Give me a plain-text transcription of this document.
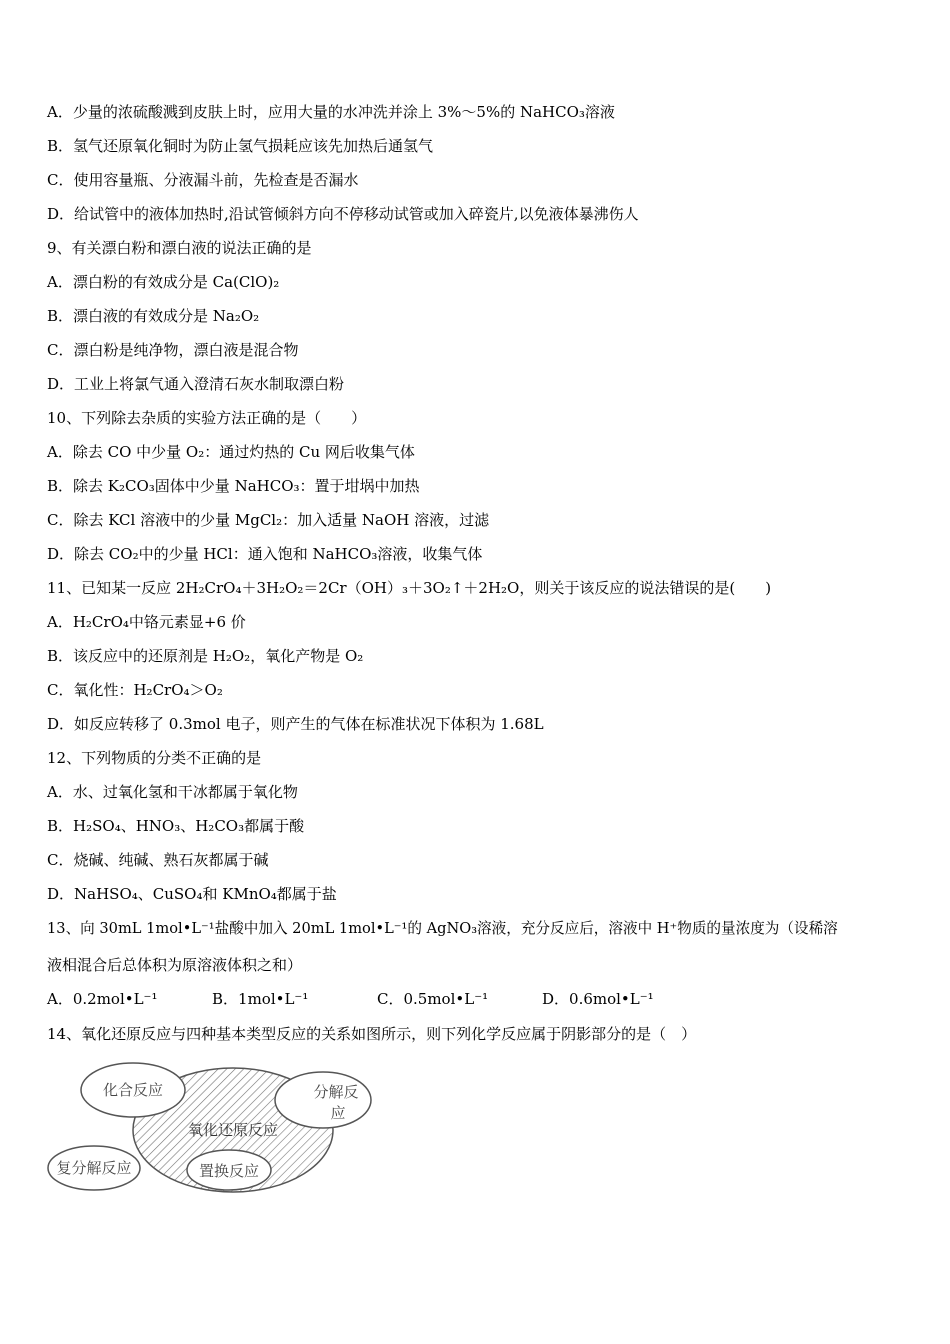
A．少量的浓硫酸溅到皮肤上时，应用大量的水冲洗并涂上 3%～5%的 NaHCO₃溶液
B．氢气还原氧化铜时为防止氢气损耗应该先加热后通氢气
C．使用容量瓶、分液漏斗前，先检查是否漏水
D．给试管中的液体加热时,沿试管倾斜方向不停移动试管或加入碎瓷片,以免液体暴沸伤人
9、有关漂白粉和漂白液的说法正确的是
A．漂白粉的有效成分是 Ca(ClO)₂
B．漂白液的有效成分是 Na₂O₂
C．漂白粉是纯净物，漂白液是混合物
D．工业上将氯气通入澄清石灰水制取漂白粉
10、下列除去杂质的实验方法正确的是（　　）
A．除去 CO 中少量 O₂：通过灼热的 Cu 网后收集气体
B．除去 K₂CO₃固体中少量 NaHCO₃：置于坩埚中加热
C．除去 KCl 溶液中的少量 MgCl₂：加入适量 NaOH 溶液，过滤
D．除去 CO₂中的少量 HCl：通入饱和 NaHCO₃溶液，收集气体
11、已知某一反应 2H₂CrO₄＋3H₂O₂＝2Cr（OH）₃＋3O₂↑＋2H₂O，则关于该反应的说法错误的是(　　)
A．H₂CrO₄中铬元素显+6 价
B．该反应中的还原剂是 H₂O₂，氧化产物是 O₂
C．氧化性：H₂CrO₄＞O₂
D．如反应转移了 0.3mol 电子，则产生的气体在标准状况下体积为 1.68L
12、下列物质的分类不正确的是
A．水、过氧化氢和干冰都属于氧化物
B．H₂SO₄、HNO₃、H₂CO₃都属于酸
C．烧碱、纯碱、熟石灰都属于碱
D．NaHSO₄、CuSO₄和 KMnO₄都属于盐
13、向 30mL 1mol•L⁻¹盐酸中加入 20mL 1mol•L⁻¹的 AgNO₃溶液，充分反应后，溶液中 H⁺物质的量浓度为（设稀溶
液相混合后总体积为原溶液体积之和）
A．0.2mol•L⁻¹	B．1mol•L⁻¹	C．0.5mol•L⁻¹	D．0.6mol•L⁻¹
14、氧化还原反应与四种基本类型反应的关系如图所示，则下列化学反应属于阴影部分的是（　）
化合反应	分解反
应
氧化还原反应
复分解反应	置换反应
